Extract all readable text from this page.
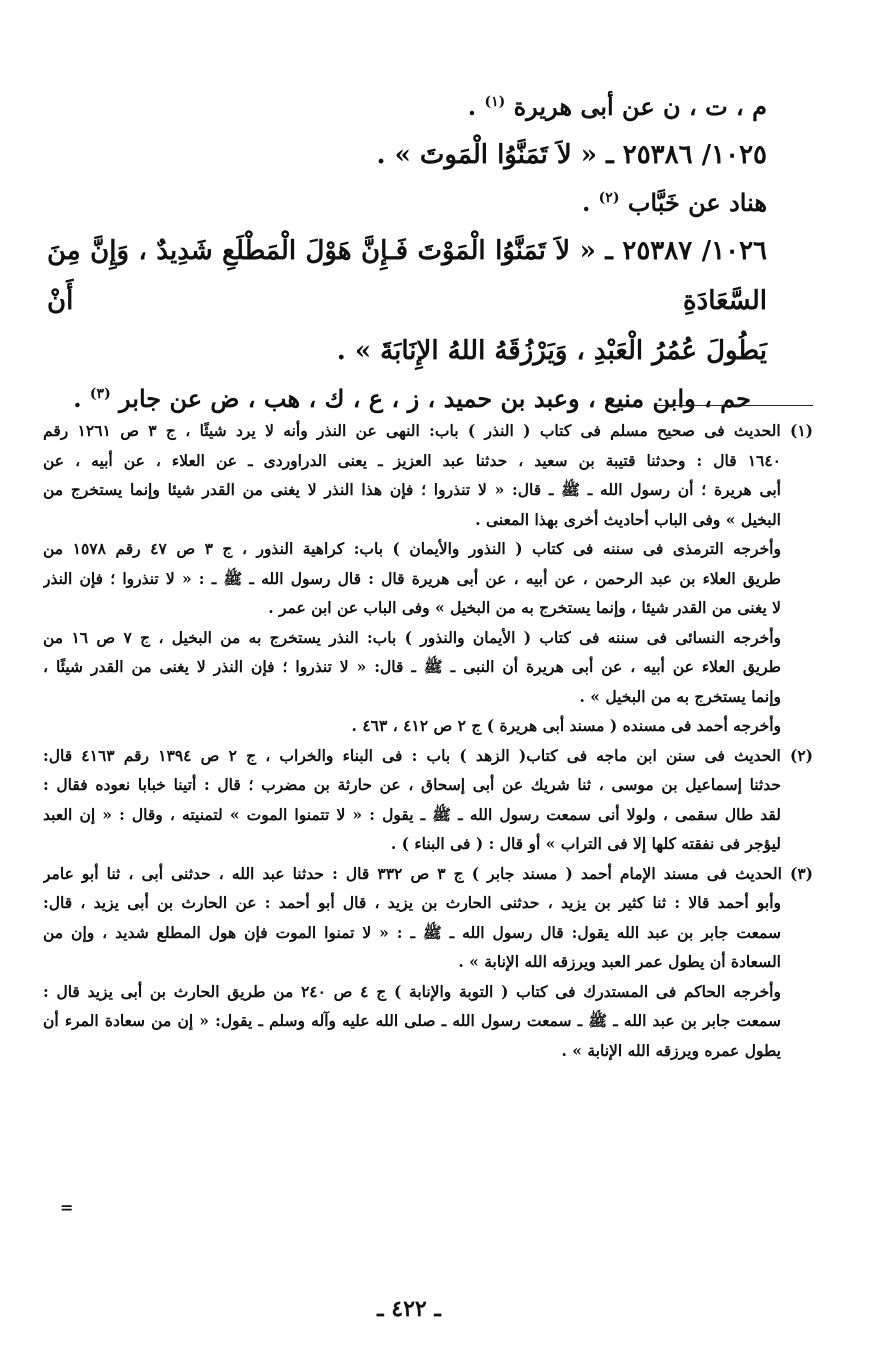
م ، ت ، ن عن أبى هريرة $^{(١)}$ .
١٠٢٥/ ٢٥٣٨٦ ـ « لاَ تَمَنَّوُا الْمَوتَ » .
هناد عن خَبَّاب $^{(٢)}$ .
١٠٢٦/ ٢٥٣٨٧ ـ « لاَ تَمَنَّوُا الْمَوْتَ فَـإِنَّ هَوْلَ الْمَطْلَعِ شَدِيدٌ ، وَإِنَّ مِنَ السَّعَادَةِ أَنْ
يَطُولَ عُمُرُ الْعَبْدِ ، وَيَرْزُقَهُ اللهُ الإِنَابَةَ » .
حم ، وابن منيع ، وعبد بن حميد ، ز ، ع ، ك ، هب ، ض عن جابر $^{(٣)}$ .
(١) الحديث فى صحيح مسلم فى كتاب ( النذر ) باب: النهى عن النذر وأنه لا يرد شيئًا ، ج ٣ ص ١٢٦١ رقم
١٦٤٠ قال : وحدثنا قتيبة بن سعيد ، حدثنا عبد العزيز ـ يعنى الدراوردى ـ عن العلاء ، عن أبيه ، عن
أبى هريرة ؛ أن رسول الله ـ ﷺ ـ قال: « لا تنذروا ؛ فإن هذا النذر لا يغنى من القدر شيئا وإنما يستخرج من
البخيل » وفى الباب أحاديث أخرى بهذا المعنى .
وأخرجه الترمذى فى سننه فى كتاب ( النذور والأيمان ) باب: كراهية النذور ، ج ٣ ص ٤٧ رقم ١٥٧٨ من
طريق العلاء بن عبد الرحمن ، عن أبيه ، عن أبى هريرة قال : قال رسول الله ـ ﷺ ـ : « لا تنذروا ؛ فإن النذر
لا يغنى من القدر شيئا ، وإنما يستخرج به من البخيل » وفى الباب عن ابن عمر .
وأخرجه النسائى فى سننه فى كتاب ( الأيمان والنذور ) باب: النذر يستخرج به من البخيل ، ج ٧ ص ١٦ من
طريق العلاء عن أبيه ، عن أبى هريرة أن النبى ـ ﷺ ـ قال: « لا تنذروا ؛ فإن النذر لا يغنى من القدر شيئًا ،
وإنما يستخرج به من البخيل » .
وأخرجه أحمد فى مسنده ( مسند أبى هريرة ) ج ٢ ص ٤١٢ ، ٤٦٣ .
(٢) الحديث فى سنن ابن ماجه فى كتاب( الزهد ) باب : فى البناء والخراب ، ج ٢ ص ١٣٩٤ رقم ٤١٦٣ قال:
حدثنا إسماعيل بن موسى ، ثنا شريك عن أبى إسحاق ، عن حارثة بن مضرب ؛ قال : أتينا خبابا نعوده فقال :
لقد طال سقمى ، ولولا أنى سمعت رسول الله ـ ﷺ ـ يقول : « لا تتمنوا الموت » لتمنيته ، وقال : « إن العبد
ليؤجر فى نفقته كلها إلا فى التراب » أو قال : ( فى البناء ) .
(٣) الحديث فى مسند الإمام أحمد ( مسند جابر ) ج ٣ ص ٣٣٢ قال : حدثنا عبد الله ، حدثنى أبى ، ثنا أبو عامر
وأبو أحمد قالا : ثنا كثير بن يزيد ، حدثنى الحارث بن يزيد ، قال أبو أحمد : عن الحارث بن أبى يزيد ، قال:
سمعت جابر بن عبد الله يقول: قال رسول الله ـ ﷺ ـ : « لا تمنوا الموت فإن هول المطلع شديد ، وإن من
السعادة أن يطول عمر العبد ويرزقه الله الإنابة » .
وأخرجه الحاكم فى المستدرك فى كتاب ( التوبة والإنابة ) ج ٤ ص ٢٤٠ من طريق الحارث بن أبى يزيد قال :
سمعت جابر بن عبد الله ـ ﷺ ـ سمعت رسول الله ـ صلى الله عليه وآله وسلم ـ يقول: « إن من سعادة المرء أن
يطول عمره ويرزقه الله الإنابة » .
=
ـ ٤٢٢ ـ
